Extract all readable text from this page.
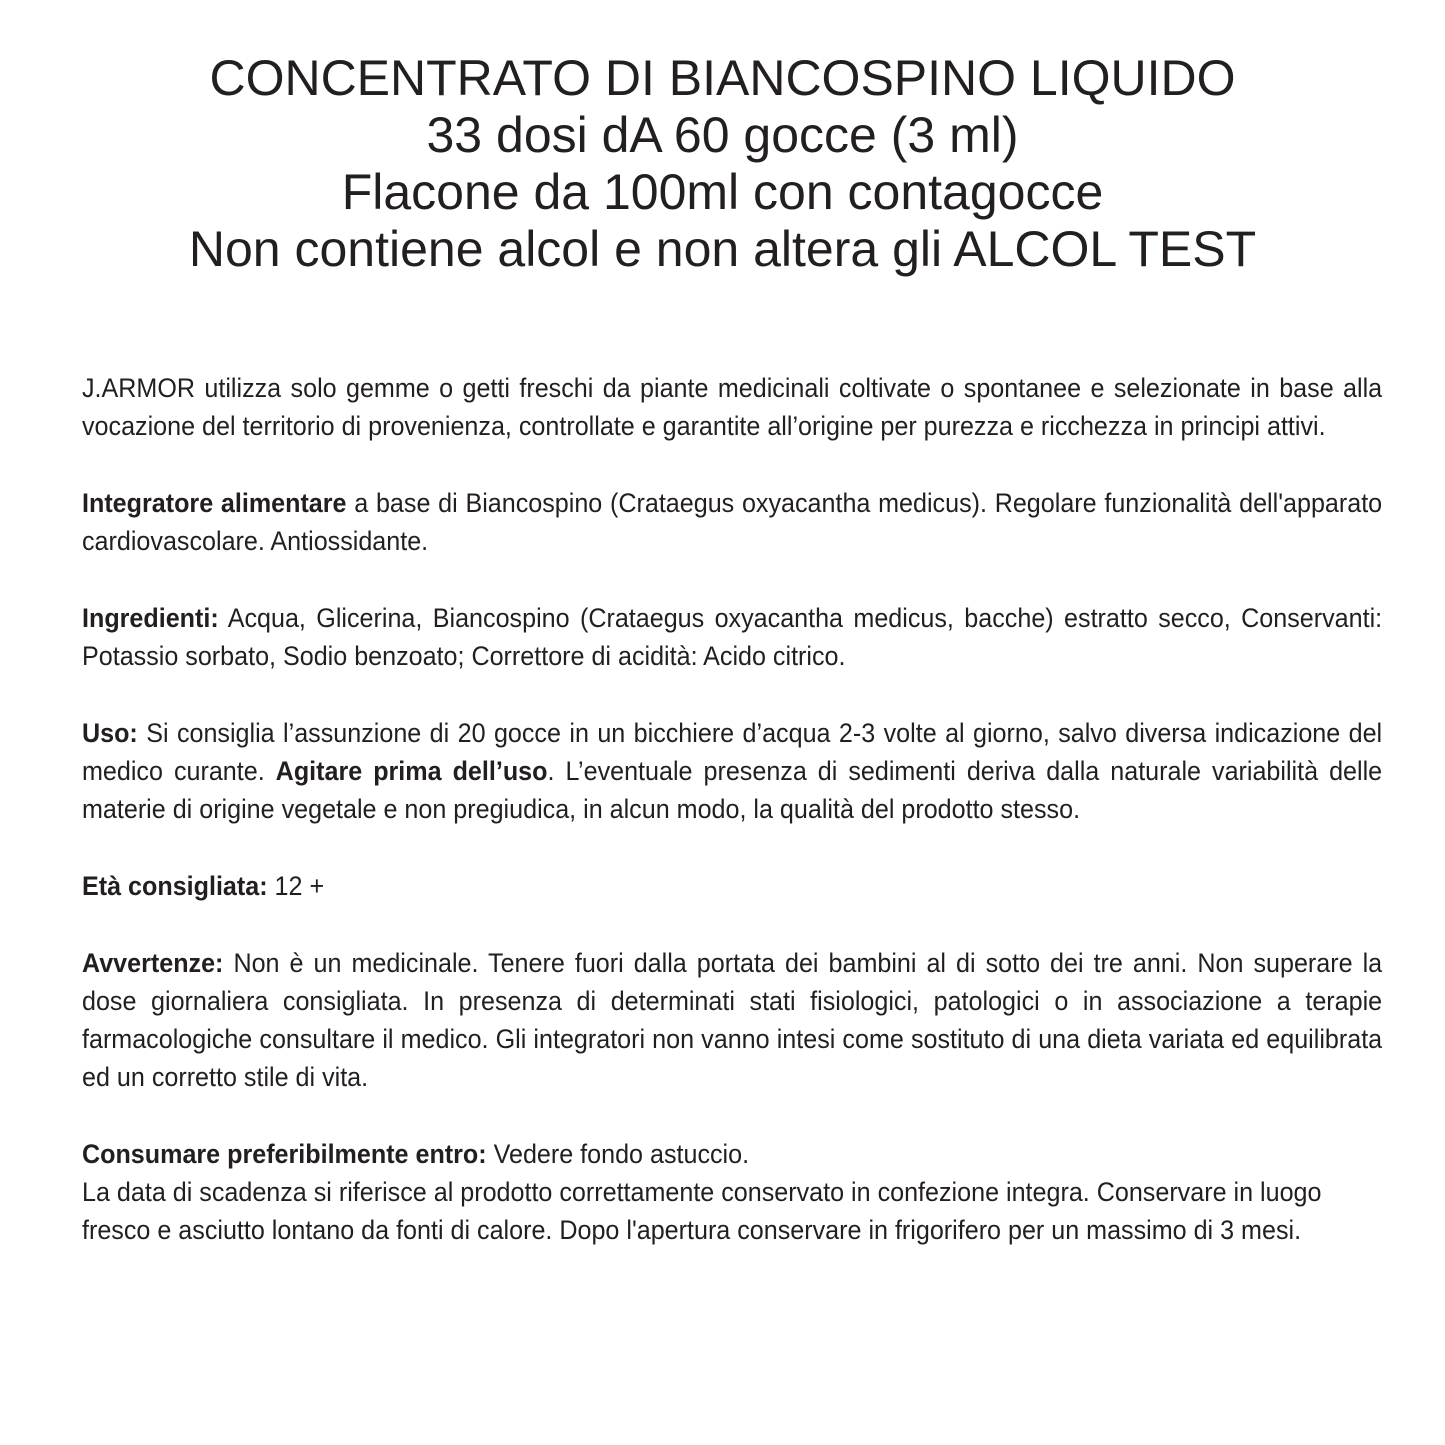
CONCENTRATO DI BIANCOSPINO LIQUIDO
33 dosi dA 60 gocce (3 ml)
Flacone da 100ml con contagocce
Non contiene alcol e non altera gli ALCOL TEST

J.ARMOR utilizza solo gemme o getti freschi da piante medicinali coltivate o spontanee e selezionate in base alla vocazione del territorio di provenienza, controllate e garantite all’origine per purezza e ricchezza in principi attivi.

Integratore alimentare a base di Biancospino (Crataegus oxyacantha medicus). Regolare funzionalità dell'apparato cardiovascolare. Antiossidante.

Ingredienti: Acqua, Glicerina, Biancospino (Crataegus oxyacantha medicus, bacche) estratto secco, Conservanti: Potassio sorbato, Sodio benzoato; Correttore di acidità: Acido citrico.

Uso: Si consiglia l’assunzione di 20 gocce in un bicchiere d’acqua 2-3 volte al giorno, salvo diversa indicazione del medico curante. Agitare prima dell’uso. L’eventuale presenza di sedimenti deriva dalla naturale variabilità delle materie di origine vegetale e non pregiudica, in alcun modo, la qualità del prodotto stesso.

Età consigliata: 12 +

Avvertenze: Non è un medicinale. Tenere fuori dalla portata dei bambini al di sotto dei tre anni. Non superare la dose giornaliera consigliata. In presenza di determinati stati fisiologici, patologici o in associazione a terapie farmacologiche consultare il medico. Gli integratori non vanno intesi come sostituto di una dieta variata ed equilibrata ed un corretto stile di vita.

Consumare preferibilmente entro: Vedere fondo astuccio.
La data di scadenza si riferisce al prodotto correttamente conservato in confezione integra. Conservare in luogo fresco e asciutto lontano da fonti di calore. Dopo l'apertura conservare in frigorifero per un massimo di 3 mesi.
